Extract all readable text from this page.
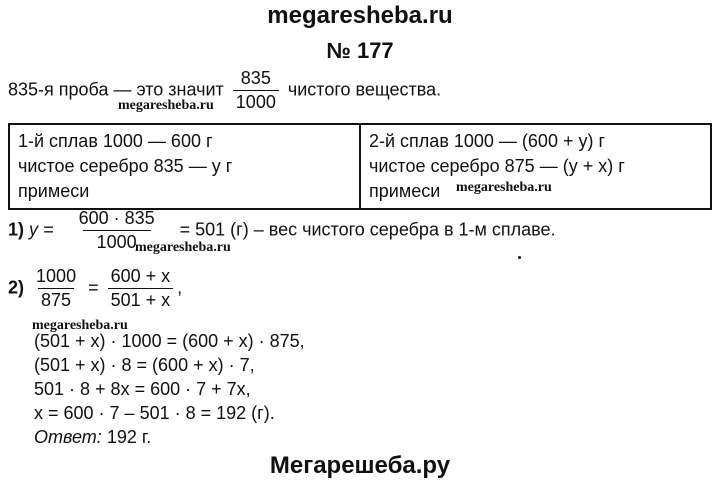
megaresheba.ru
№ 177
835-я проба — это значит $\frac{835}{1000}$ чистого вещества.
megaresheba.ru
1-й сплав 1000 — 600 г
чистое серебро 835 — у г
примеси

2-й сплав 1000 — (600 + у) г
чистое серебро 875 — (у + x) г
примеси megaresheba.ru
1) $у = \frac{600 \cdot 835}{1000} = 501$ (г) – вес чистого серебра в 1-м сплаве.
megaresheba.ru
$2) \frac{1000}{875} = \frac{600 + x}{501 + x}$ ,
megaresheba.ru
(501 + x) · 1000 = (600 + x) · 875,
(501 + x) · 8 = (600 + x) · 7,
501 · 8 + 8x = 600 · 7 + 7x,
x = 600 · 7 – 501 · 8 = 192 (г).
Ответ: 192 г.
Мегарешеба.ру
